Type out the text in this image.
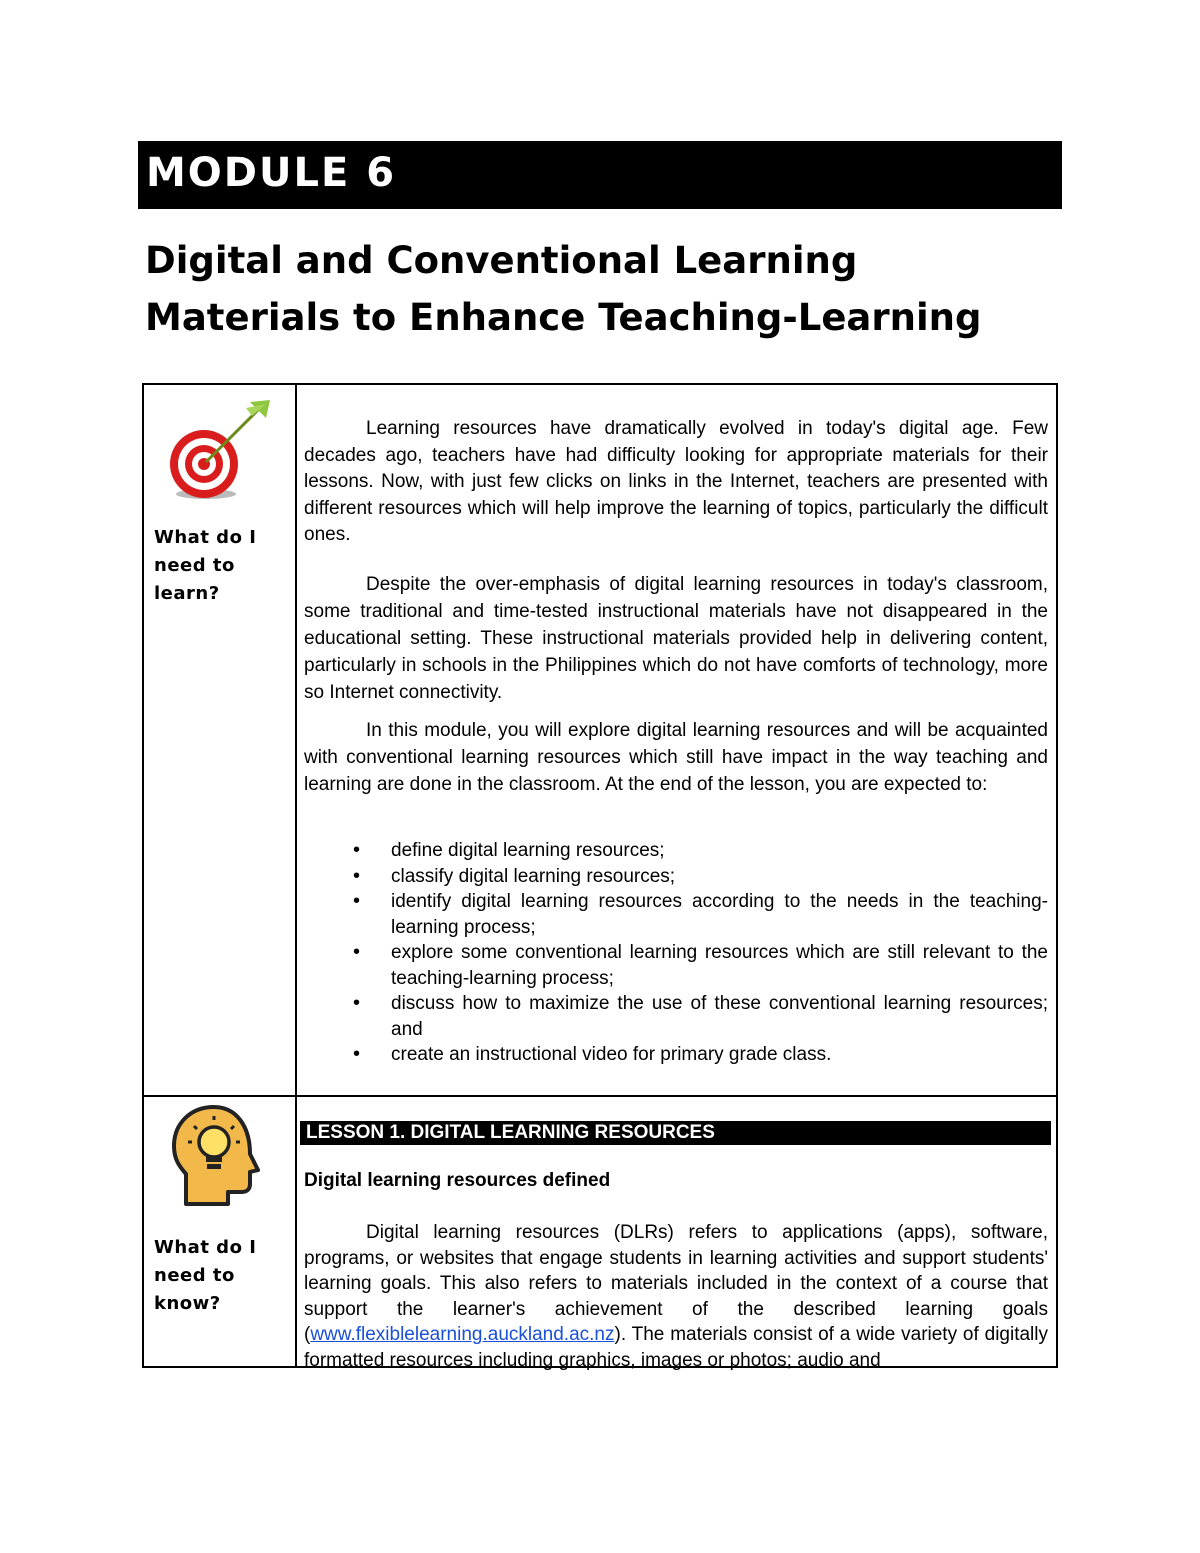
MODULE 6
Digital and Conventional Learning
Materials to Enhance Teaching-Learning
What do I
need to
learn?

Learning resources have dramatically evolved in today's digital age. Few decades ago, teachers have had difficulty looking for appropriate materials for their lessons. Now, with just few clicks on links in the Internet, teachers are presented with different resources which will help improve the learning of topics, particularly the difficult ones.

Despite the over-emphasis of digital learning resources in today's classroom, some traditional and time-tested instructional materials have not disappeared in the educational setting. These instructional materials provided help in delivering content, particularly in schools in the Philippines which do not have comforts of technology, more so Internet connectivity.

In this module, you will explore digital learning resources and will be acquainted with conventional learning resources which still have impact in the way teaching and learning are done in the classroom. At the end of the lesson, you are expected to:

• define digital learning resources;
• classify digital learning resources;
• identify digital learning resources according to the needs in the teaching-learning process;
• explore some conventional learning resources which are still relevant to the teaching-learning process;
• discuss how to maximize the use of these conventional learning resources; and
• create an instructional video for primary grade class.
What do I
need to
know?
LESSON 1. DIGITAL LEARNING RESOURCES
Digital learning resources defined

Digital learning resources (DLRs) refers to applications (apps), software, programs, or websites that engage students in learning activities and support students' learning goals. This also refers to materials included in the context of a course that support the learner's achievement of the described learning goals (www.flexiblelearning.auckland.ac.nz). The materials consist of a wide variety of digitally formatted resources including graphics, images or photos; audio and
